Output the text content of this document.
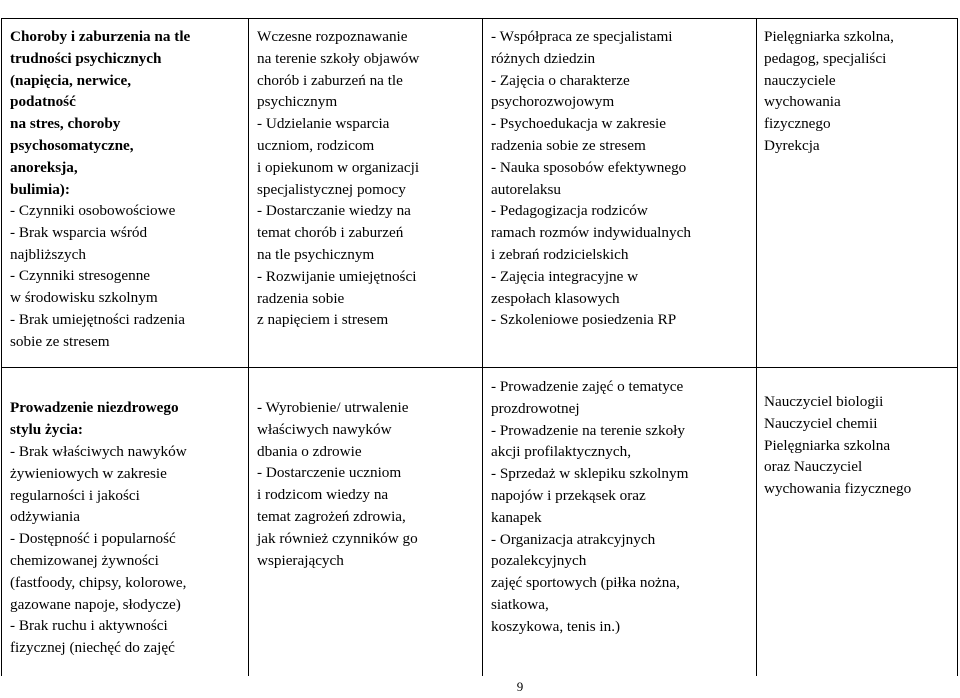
Choroby i zaburzenia na tle
trudności psychicznych
(napięcia, nerwice,
podatność
na stres, choroby
psychosomatyczne,
anoreksja,
bulimia):

- Czynniki osobowościowe
- Brak wsparcia wśród
najbliższych
- Czynniki stresogenne
w środowisku szkolnym
- Brak umiejętności radzenia
sobie ze stresem

Wczesne rozpoznawanie
na terenie szkoły objawów
chorób i zaburzeń na tle
psychicznym
- Udzielanie wsparcia
uczniom, rodzicom
i opiekunom w organizacji
specjalistycznej pomocy
- Dostarczanie wiedzy na
temat chorób i zaburzeń
na tle psychicznym
- Rozwijanie umiejętności
radzenia sobie
z napięciem i stresem

- Współpraca ze specjalistami
różnych dziedzin
- Zajęcia o charakterze
psychorozwojowym
- Psychoedukacja w zakresie
radzenia sobie ze stresem
- Nauka sposobów efektywnego
autorelaksu
- Pedagogizacja rodziców
ramach rozmów indywidualnych
i zebrań rodzicielskich
- Zajęcia integracyjne w
zespołach klasowych
- Szkoleniowe posiedzenia RP

Pielęgniarka szkolna,
pedagog, specjaliści
nauczyciele
wychowania
fizycznego
Dyrekcja

Prowadzenie niezdrowego
stylu życia:

- Brak właściwych nawyków
żywieniowych w zakresie
regularności i jakości
odżywiania
- Dostępność i popularność
chemizowanej żywności
(fastfoody, chipsy, kolorowe,
gazowane napoje, słodycze)
- Brak ruchu i aktywności
fizycznej (niechęć do zajęć

- Wyrobienie/ utrwalenie
właściwych nawyków
dbania o zdrowie
- Dostarczenie uczniom
i rodzicom wiedzy na
temat zagrożeń zdrowia,
jak również czynników go
wspierających

- Prowadzenie zajęć o tematyce
prozdrowotnej
- Prowadzenie na terenie szkoły
akcji profilaktycznych,
- Sprzedaż w sklepiku szkolnym
napojów i przekąsek oraz
kanapek
- Organizacja atrakcyjnych
pozalekcyjnych
zajęć sportowych (piłka nożna,
siatkowa,
koszykowa, tenis in.)

Nauczyciel biologii
Nauczyciel chemii
Pielęgniarka szkolna
oraz Nauczyciel
wychowania fizycznego

9
